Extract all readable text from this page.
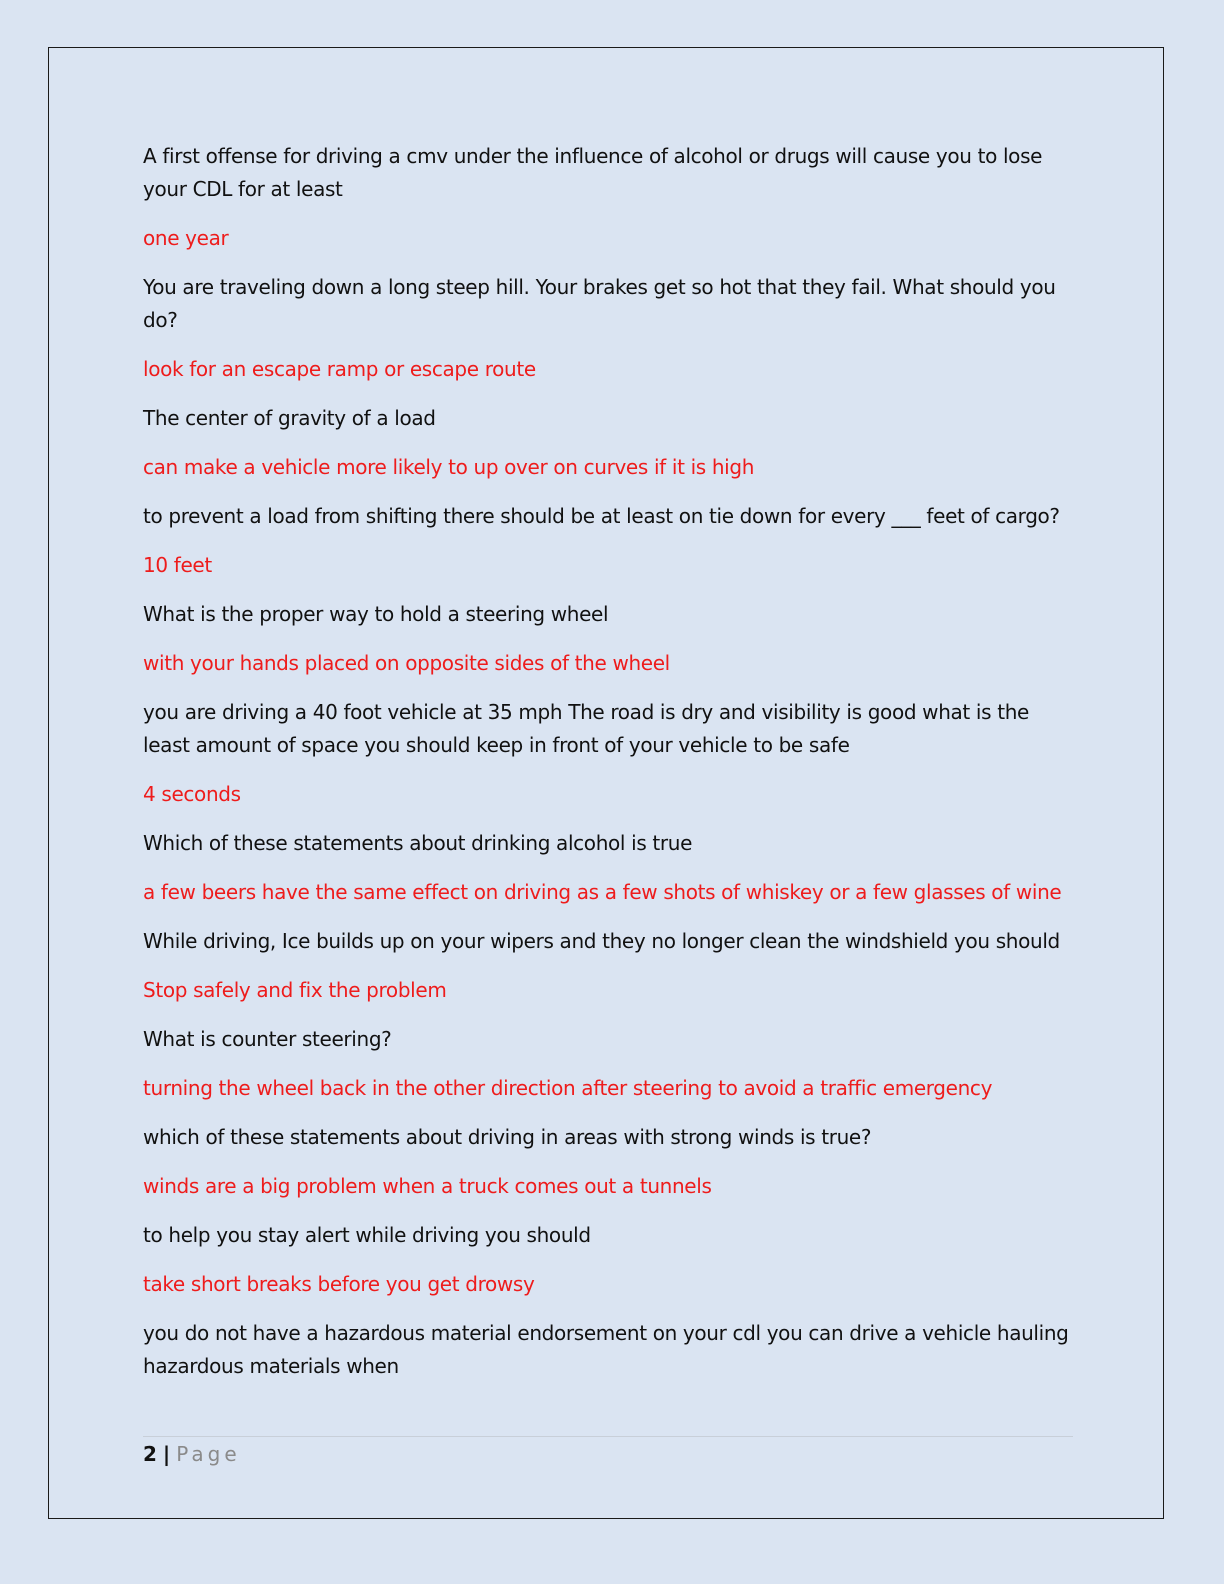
A first offense for driving a cmv under the influence of alcohol or drugs will cause you to lose your CDL for at least

one year

You are traveling down a long steep hill. Your brakes get so hot that they fail. What should you do?

look for an escape ramp or escape route

The center of gravity of a load

can make a vehicle more likely to up over on curves if it is high

to prevent a load from shifting there should be at least on tie down for every ___ feet of cargo?

10 feet

What is the proper way to hold a steering wheel

with your hands placed on opposite sides of the wheel

you are driving a 40 foot vehicle at 35 mph The road is dry and visibility is good what is the least amount of space you should keep in front of your vehicle to be safe

4 seconds

Which of these statements about drinking alcohol is true

a few beers have the same effect on driving as a few shots of whiskey or a few glasses of wine

While driving, Ice builds up on your wipers and they no longer clean the windshield you should

Stop safely and fix the problem

What is counter steering?

turning the wheel back in the other direction after steering to avoid a traffic emergency

which of these statements about driving in areas with strong winds is true?

winds are a big problem when a truck comes out a tunnels

to help you stay alert while driving you should

take short breaks before you get drowsy

you do not have a hazardous material endorsement on your cdl you can drive a vehicle hauling hazardous materials when

2 | Page
